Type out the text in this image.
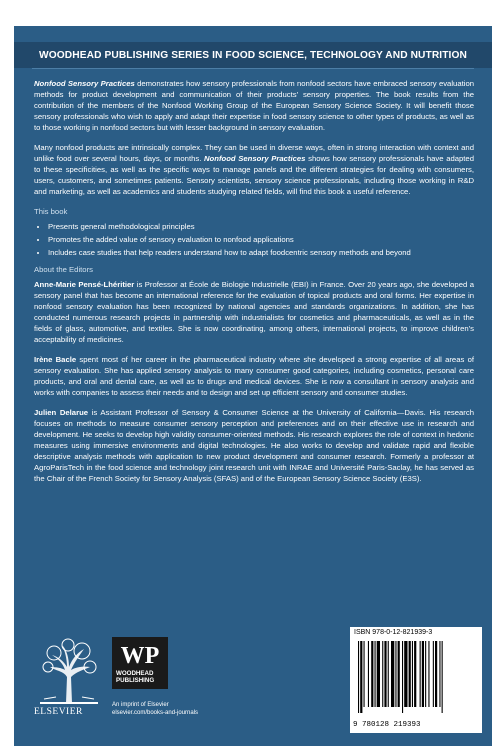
WOODHEAD PUBLISHING SERIES IN FOOD SCIENCE, TECHNOLOGY AND NUTRITION

Nonfood Sensory Practices demonstrates how sensory professionals from nonfood sectors have embraced sensory evaluation methods for product development and communication of their products' sensory properties. The book results from the contribution of the members of the Nonfood Working Group of the European Sensory Science Society. It will benefit those sensory professionals who wish to apply and adapt their expertise in food sensory science to other types of products, as well as to those working in nonfood sectors but with lesser background in sensory evaluation.

Many nonfood products are intrinsically complex. They can be used in diverse ways, often in strong interaction with context and unlike food over several hours, days, or months. Nonfood Sensory Practices shows how sensory professionals have adapted to these specificities, as well as the specific ways to manage panels and the different strategies for dealing with consumers, users, customers, and sometimes patients. Sensory scientists, sensory science professionals, including those working in R&D and marketing, as well as academics and students studying related fields, will find this book a useful reference.

This book

• Presents general methodological principles
• Promotes the added value of sensory evaluation to nonfood applications
• Includes case studies that help readers understand how to adapt foodcentric sensory methods and beyond

About the Editors

Anne-Marie Pensé-Lhéritier is Professor at École de Biologie Industrielle (EBI) in France. Over 20 years ago, she developed a sensory panel that has become an international reference for the evaluation of topical products and oral forms. Her expertise in nonfood sensory evaluation has been recognized by national agencies and standards organizations. In addition, she has conducted numerous research projects in partnership with industrialists for cosmetics and pharmaceuticals, as well as in the fields of glass, automotive, and textiles. She is now coordinating, among others, international projects, to improve children's acceptability of medicines.

Irène Bacle spent most of her career in the pharmaceutical industry where she developed a strong expertise of all areas of sensory evaluation. She has applied sensory analysis to many consumer good categories, including cosmetics, personal care products, and oral and dental care, as well as to drugs and medical devices. She is now a consultant in sensory analysis and works with companies to assess their needs and to design and set up efficient sensory and consumer studies.

Julien Delarue is Assistant Professor of Sensory & Consumer Science at the University of California—Davis. His research focuses on methods to measure consumer sensory perception and preferences and on their effective use in research and development. He seeks to develop high validity consumer-oriented methods. His research explores the role of context in hedonic measures using immersive environments and digital technologies. He also works to develop and validate rapid and flexible descriptive analysis methods with application to new product development and consumer research. Formerly a professor at AgroParisTech in the food science and technology joint research unit with INRAE and Université Paris-Saclay, he has served as the Chair of the French Society for Sensory Analysis (SFAS) and of the European Sensory Science Society (E3S).

ELSEVIER
WP
WOODHEAD
PUBLISHING
An imprint of Elsevier
elsevier.com/books-and-journals
ISBN 978-0-12-821939-3
9 780128 219393
